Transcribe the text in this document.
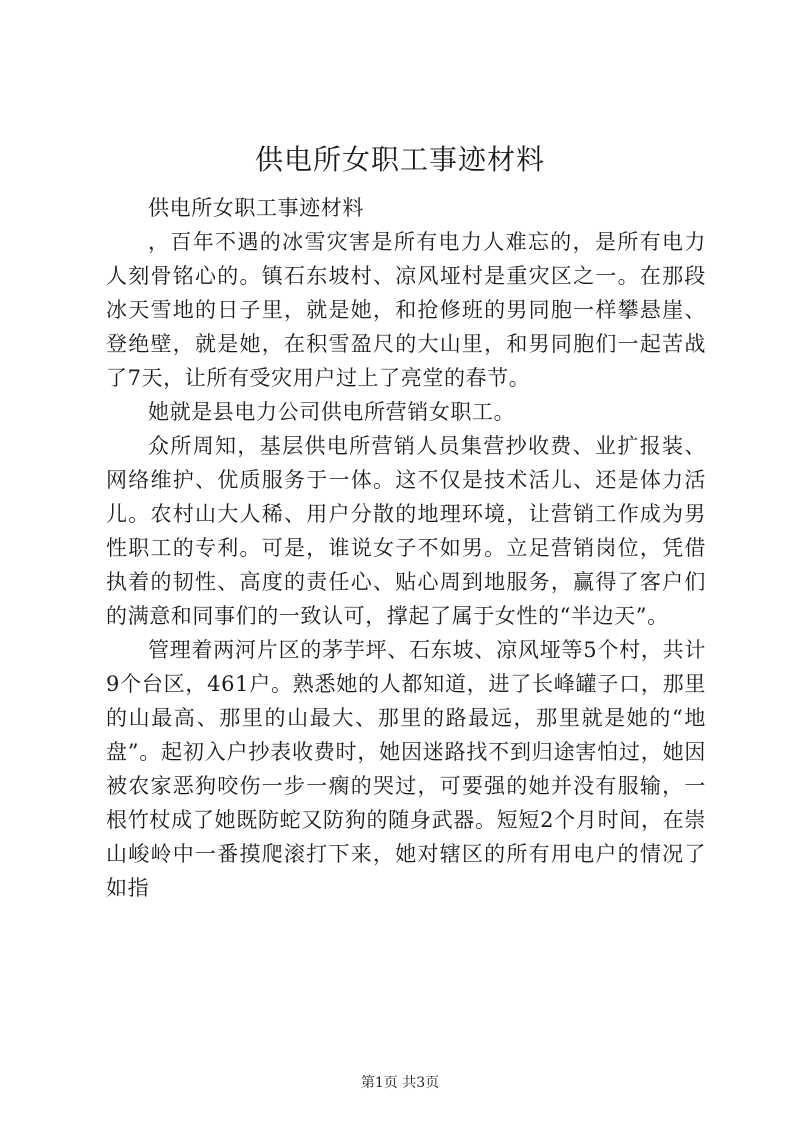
供电所女职工事迹材料

供电所女职工事迹材料

，百年不遇的冰雪灾害是所有电力人难忘的，是所有电力人刻骨铭心的。镇石东坡村、凉风垭村是重灾区之一。在那段冰天雪地的日子里，就是她，和抢修班的男同胞一样攀悬崖、登绝壁，就是她，在积雪盈尺的大山里，和男同胞们一起苦战了7天，让所有受灾用户过上了亮堂的春节。

她就是县电力公司供电所营销女职工。

众所周知，基层供电所营销人员集营抄收费、业扩报装、网络维护、优质服务于一体。这不仅是技术活儿、还是体力活儿。农村山大人稀、用户分散的地理环境，让营销工作成为男性职工的专利。可是，谁说女子不如男。立足营销岗位，凭借执着的韧性、高度的责任心、贴心周到地服务，赢得了客户们的满意和同事们的一致认可，撑起了属于女性的“半边天”。

管理着两河片区的茅芋坪、石东坡、凉风垭等5个村，共计9个台区，461户。熟悉她的人都知道，进了长峰罐子口，那里的山最高、那里的山最大、那里的路最远，那里就是她的“地盘”。起初入户抄表收费时，她因迷路找不到归途害怕过，她因被农家恶狗咬伤一步一瘸的哭过，可要强的她并没有服输，一根竹杖成了她既防蛇又防狗的随身武器。短短2个月时间，在崇山峻岭中一番摸爬滚打下来，她对辖区的所有用电户的情况了如指

第1页 共3页
